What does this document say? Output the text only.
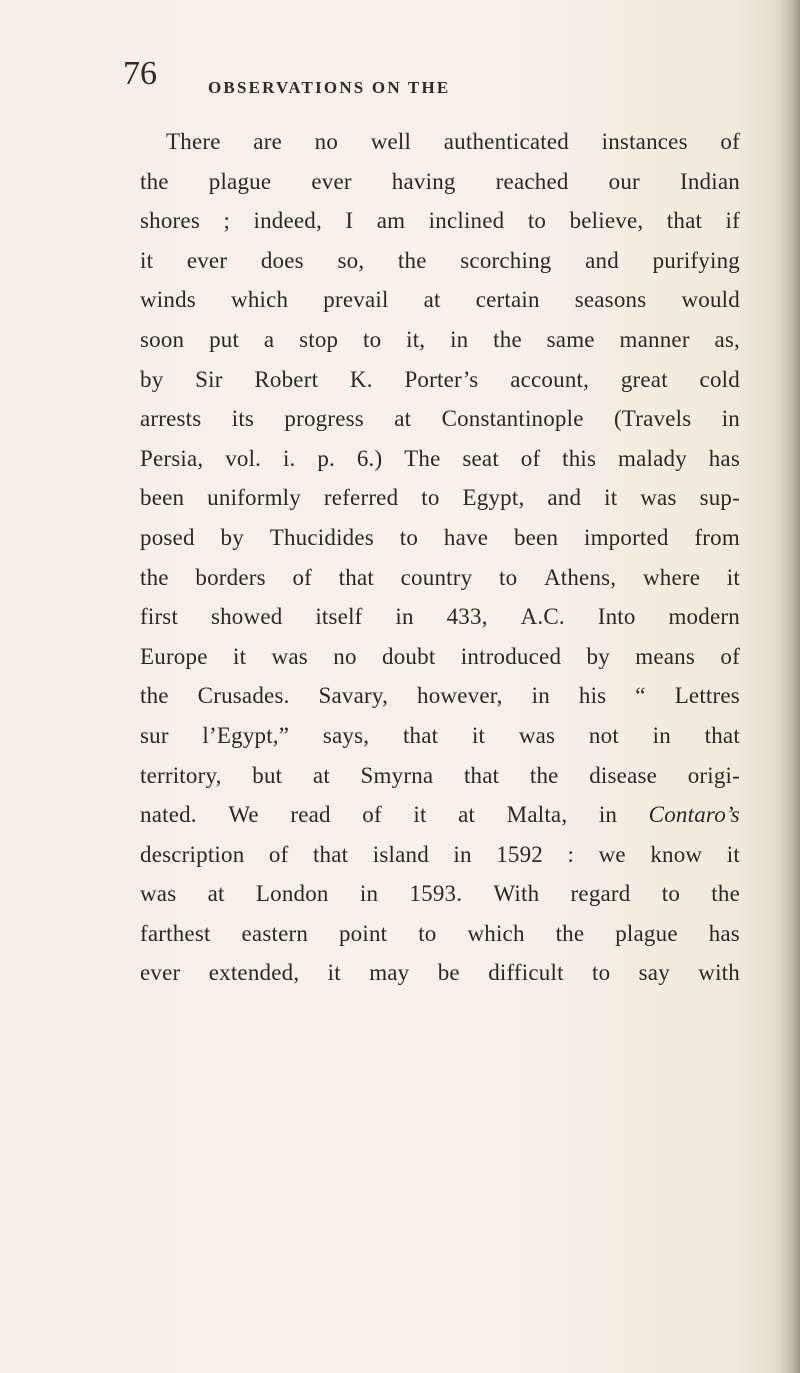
76	OBSERVATIONS ON THE
There are no well authenticated instances of
the plague ever having reached our Indian
shores ; indeed, I am inclined to believe, that if
it ever does so, the scorching and purifying
winds which prevail at certain seasons would
soon put a stop to it, in the same manner as,
by Sir Robert K. Porter’s account, great cold
arrests its progress at Constantinople (Travels in
Persia, vol. i. p. 6.) The seat of this malady has
been uniformly referred to Egypt, and it was sup-
posed by Thucidides to have been imported from
the borders of that country to Athens, where it
first showed itself in 433, A.C. Into modern
Europe it was no doubt introduced by means of
the Crusades. Savary, however, in his “ Lettres
sur l’Egypt,” says, that it was not in that
territory, but at Smyrna that the disease origi-
nated. We read of it at Malta, in Contaro’s
description of that island in 1592 : we know it
was at London in 1593. With regard to the
farthest eastern point to which the plague has
ever extended, it may be difficult to say with
